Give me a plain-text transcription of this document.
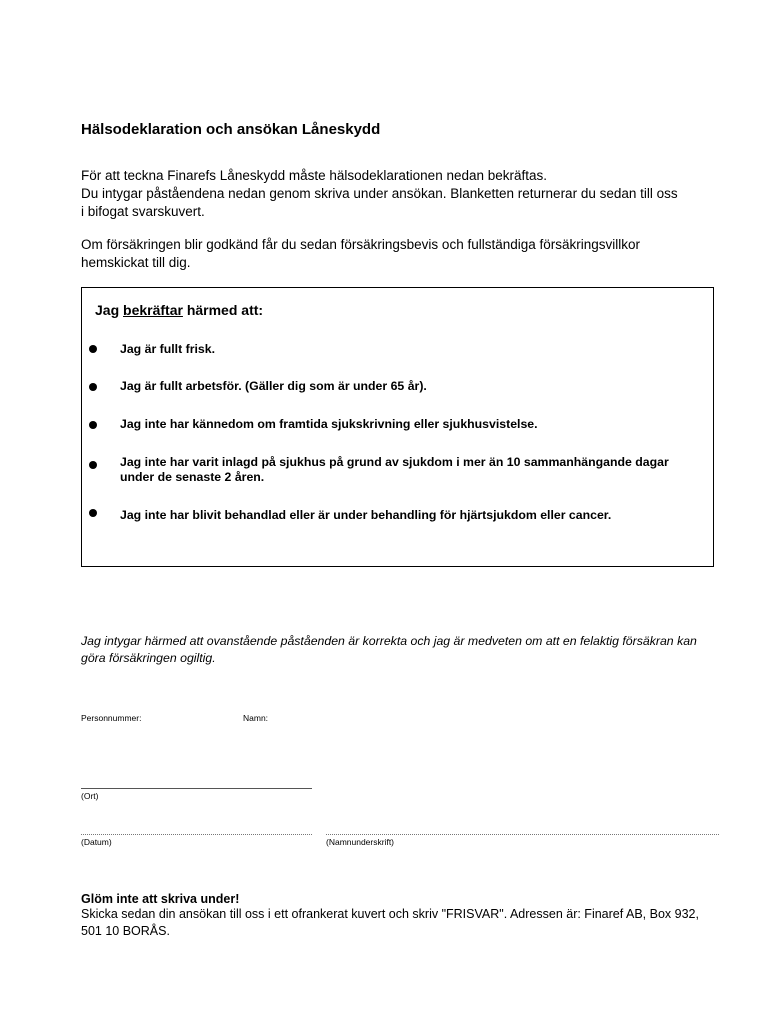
Hälsodeklaration och ansökan Låneskydd

För att teckna Finarefs Låneskydd måste hälsodeklarationen nedan bekräftas.

Du intygar påståendena nedan genom skriva under ansökan. Blanketten returnerar du sedan till oss i bifogat svarskuvert.

Om försäkringen blir godkänd får du sedan försäkringsbevis och fullständiga försäkringsvillkor hemskickat till dig.
Jag bekräftar härmed att:
Jag är fullt frisk.
Jag är fullt arbetsför. (Gäller dig som är under 65 år).
Jag inte har kännedom om framtida sjukskrivning eller sjukhusvistelse.
Jag inte har varit inlagd på sjukhus på grund av sjukdom i mer än 10 sammanhängande dagar under de senaste 2 åren.
Jag inte har blivit behandlad eller är under behandling för hjärtsjukdom eller cancer.
Jag intygar härmed att ovanstående påståenden är korrekta och jag är medveten om att en felaktig försäkran kan göra försäkringen ogiltig.
Personnummer:	Namn:
(Ort)
(Datum)	(Namnunderskrift)
Glöm inte att skriva under!
Skicka sedan din ansökan till oss i ett ofrankerat kuvert och skriv "FRISVAR". Adressen är: Finaref AB, Box 932, 501 10 BORÅS.
